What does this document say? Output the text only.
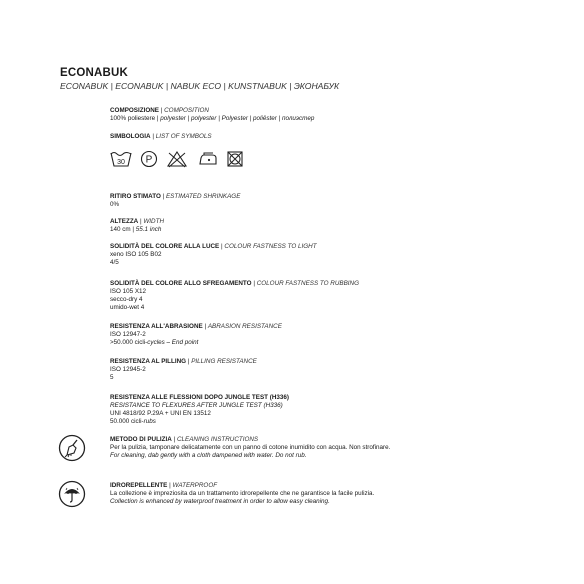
ECONABUK
ECONABUK | ECONABUK | NABUK ECO | KUNSTNABUK | ЭКОНАБУК
COMPOSIZIONE | COMPOSITION
100% poliestere | polyester | polyester | Polyester | poliëster | полиэстер
SIMBOLOGIA | LIST OF SYMBOLS
30 P
RITIRO STIMATO | ESTIMATED SHRINKAGE
0%
ALTEZZA | WIDTH
140 cm | 55.1 inch
SOLIDITÀ DEL COLORE ALLA LUCE | COLOUR FASTNESS TO LIGHT
xeno ISO 105 B02
4/5
SOLIDITÀ DEL COLORE ALLO SFREGAMENTO | COLOUR FASTNESS TO RUBBING
ISO 105 X12
secco-dry 4
umido-wet 4
RESISTENZA ALL'ABRASIONE | ABRASION RESISTANCE
ISO 12947-2
>50.000 cicli-cycles – End point
RESISTENZA AL PILLING | PILLING RESISTANCE
ISO 12945-2
5
RESISTENZA ALLE FLESSIONI DOPO JUNGLE TEST (H336)
RESISTANCE TO FLEXURES AFTER JUNGLE TEST (H336)
UNI 4818/92 P.29A + UNI EN 13512
50.000 cicli-rubs
METODO DI PULIZIA | CLEANING INSTRUCTIONS
Per la pulizia, tamponare delicatamente con un panno di cotone inumidito con acqua. Non strofinare.
For cleaning, dab gently with a cloth dampened with water. Do not rub.
IDROREPELLENTE | WATERPROOF
La collezione è impreziosita da un trattamento idrorepellente che ne garantisce la facile pulizia.
Collection is enhanced by waterproof treatment in order to allow easy cleaning.
